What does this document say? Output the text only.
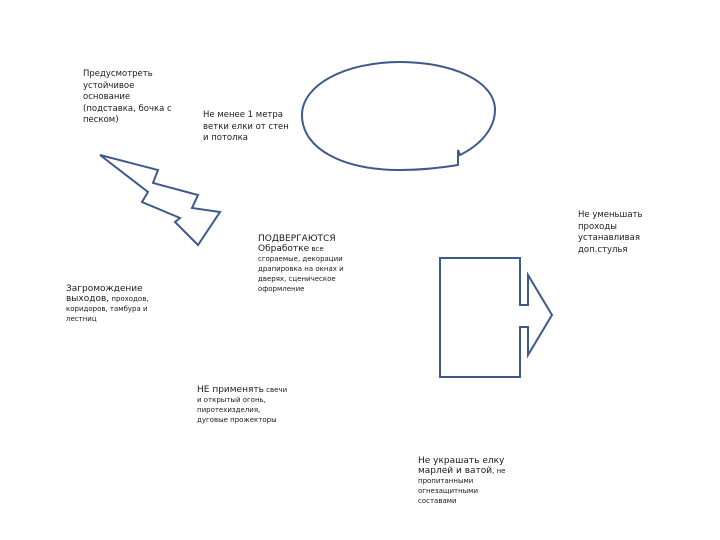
Предусмотреть
устойчивое
основание
(подставка, бочка с
песком)	Не менее 1 метра
ветки елки от стен
и потолка
Не уменьшать
проходы
устанавливая
доп.стулья
ПОДВЕРГАЮТСЯ
Обработке все
сгораемые, декорации
драпировка на окнах и
дверях, сценическое
оформление
Загромождение
выходов, проходов,
коридоров, тамбура и
лестниц
НЕ применять свечи
и открытый огонь,
пиротехизделия,
дуговые прожекторы
Не украшать елку
марлей и ватой, не
пропитанными
огнезащитными
составами
